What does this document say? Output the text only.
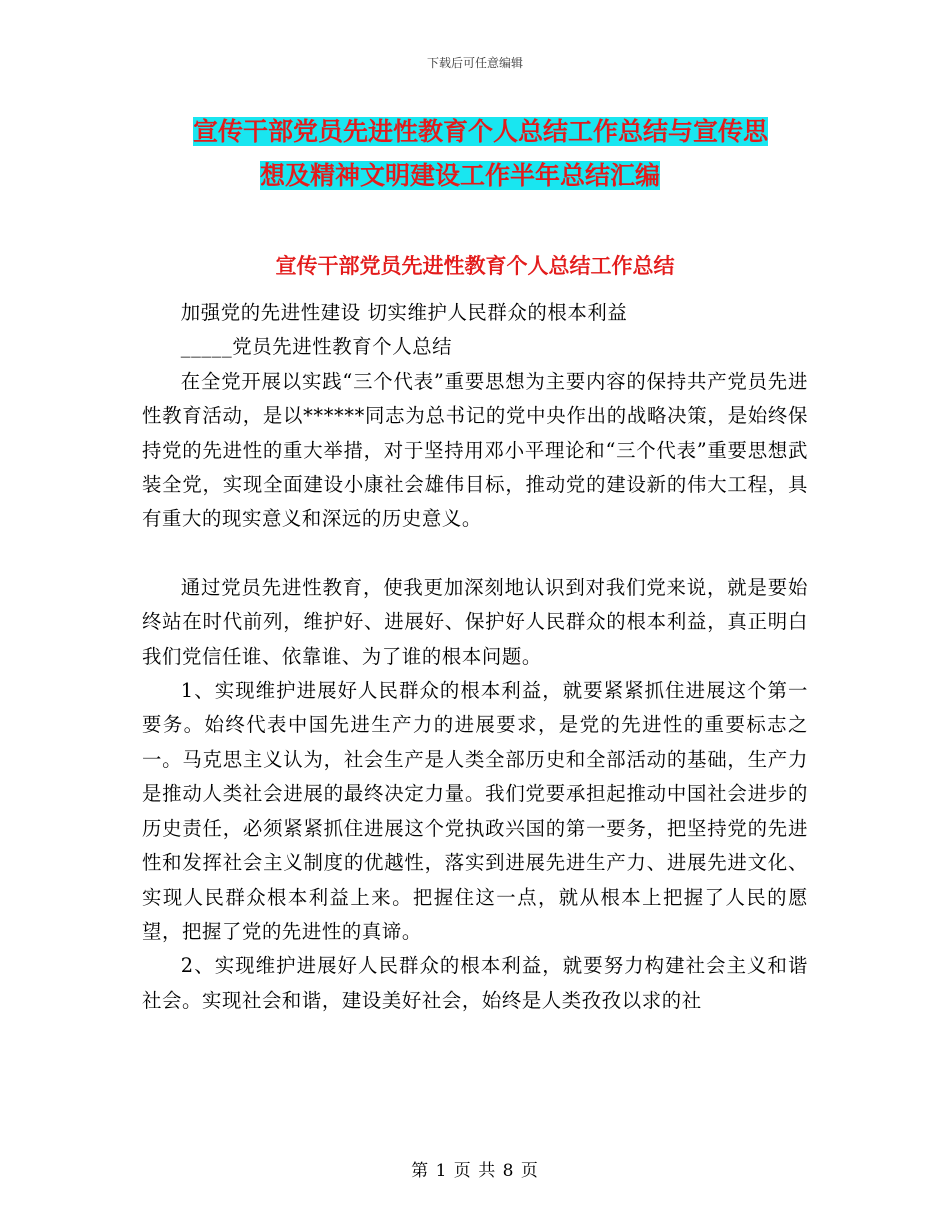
下载后可任意编辑
宣传干部党员先进性教育个人总结工作总结与宣传思
想及精神文明建设工作半年总结汇编
宣传干部党员先进性教育个人总结工作总结

加强党的先进性建设 切实维护人民群众的根本利益

_____党员先进性教育个人总结

在全党开展以实践“三个代表”重要思想为主要内容的保持共产党员先进性教育活动，是以******同志为总书记的党中央作出的战略决策，是始终保持党的先进性的重大举措，对于坚持用邓小平理论和“三个代表”重要思想武装全党，实现全面建设小康社会雄伟目标，推动党的建设新的伟大工程，具有重大的现实意义和深远的历史意义。

通过党员先进性教育，使我更加深刻地认识到对我们党来说，就是要始终站在时代前列，维护好、进展好、保护好人民群众的根本利益，真正明白我们党信任谁、依靠谁、为了谁的根本问题。

1、实现维护进展好人民群众的根本利益，就要紧紧抓住进展这个第一要务。始终代表中国先进生产力的进展要求，是党的先进性的重要标志之一。马克思主义认为，社会生产是人类全部历史和全部活动的基础，生产力是推动人类社会进展的最终决定力量。我们党要承担起推动中国社会进步的历史责任，必须紧紧抓住进展这个党执政兴国的第一要务，把坚持党的先进性和发挥社会主义制度的优越性，落实到进展先进生产力、进展先进文化、实现人民群众根本利益上来。把握住这一点，就从根本上把握了人民的愿望，把握了党的先进性的真谛。

2、实现维护进展好人民群众的根本利益，就要努力构建社会主义和谐社会。实现社会和谐，建设美好社会，始终是人类孜孜以求的社

第 1 页 共 8 页
